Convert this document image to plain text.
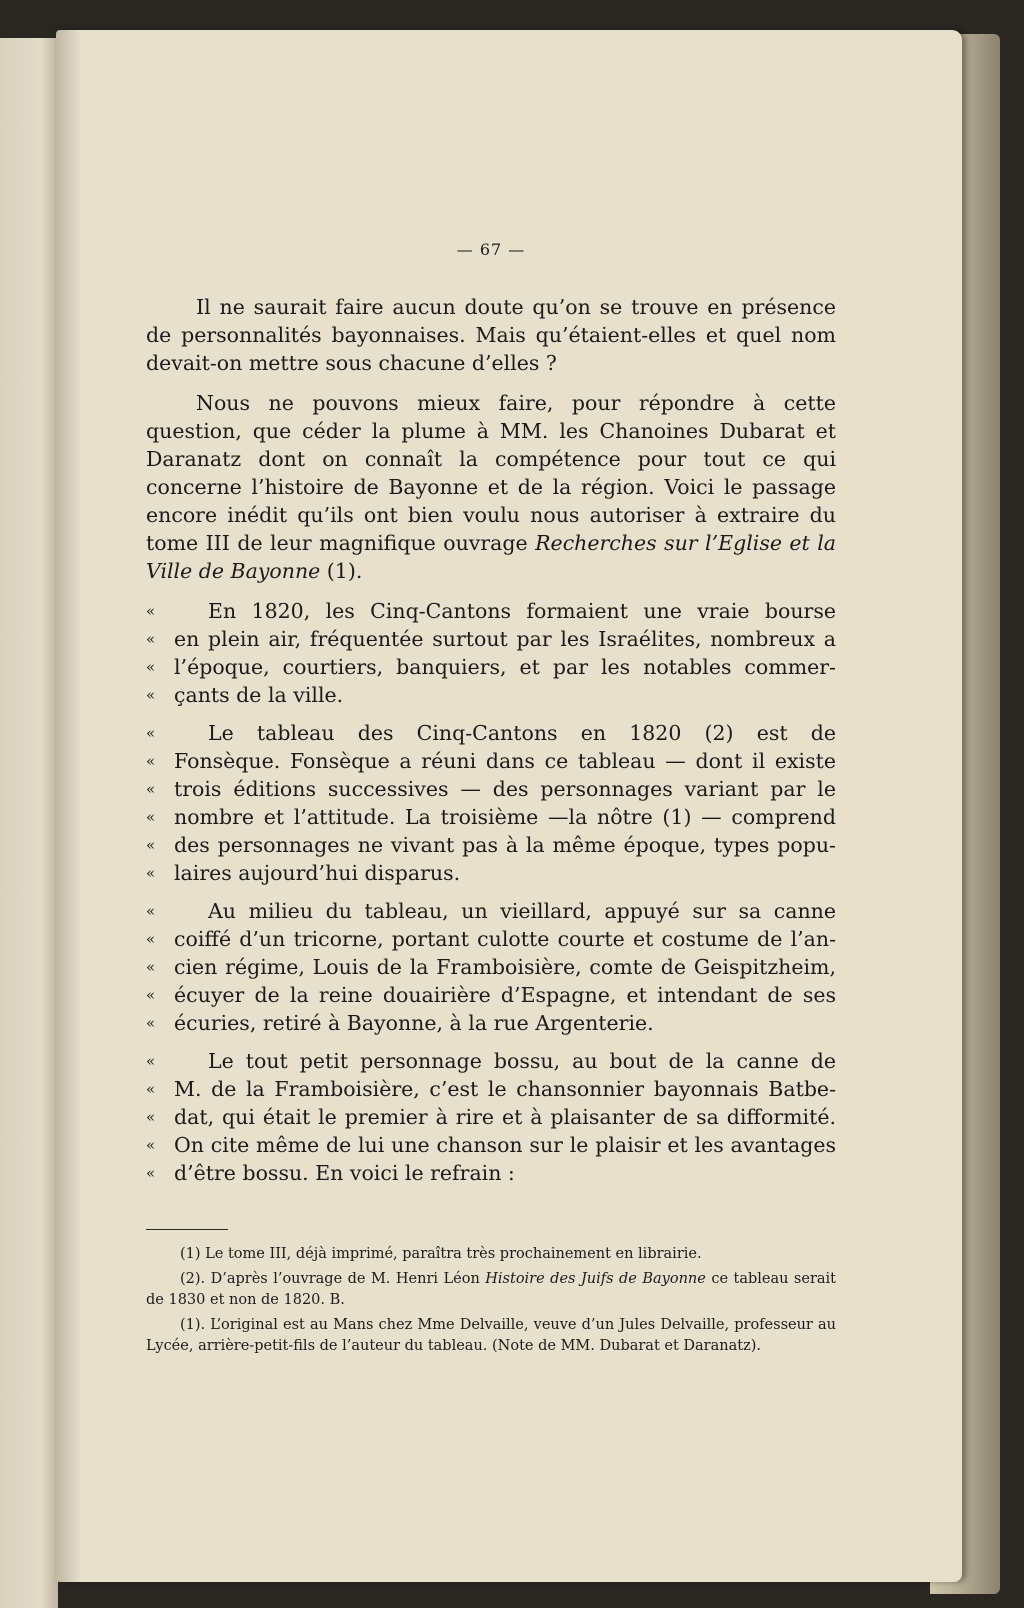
— 67 —

Il ne saurait faire aucun doute qu’on se trouve en présence de personnalités bayonnaises. Mais qu’étaient-elles et quel nom devait-on mettre sous chacune d’elles ?

Nous ne pouvons mieux faire, pour répondre à cette question, que céder la plume à MM. les Chanoines Dubarat et Daranatz dont on connaît la compétence pour tout ce qui concerne l’histoire de Bayonne et de la région. Voici le passage encore inédit qu’ils ont bien voulu nous autoriser à extraire du tome III de leur magnifique ouvrage Recherches sur l’Eglise et la Ville de Bayonne (1).

«	En 1820, les Cinq-Cantons formaient une vraie bourse
« en plein air, fréquentée surtout par les Israélites, nombreux a
« l’époque, courtiers, banquiers, et par les notables commer-
« çants de la ville.
«	Le tableau des Cinq-Cantons en 1820 (2) est de
« Fonsèque. Fonsèque a réuni dans ce tableau — dont il existe
« trois éditions successives — des personnages variant par le
« nombre et l’attitude. La troisième —la nôtre (1) — comprend
« des personnages ne vivant pas à la même époque, types popu-
« laires aujourd’hui disparus.
«	Au milieu du tableau, un vieillard, appuyé sur sa canne
« coiffé d’un tricorne, portant culotte courte et costume de l’an-
« cien régime, Louis de la Framboisière, comte de Geispitzheim,
« écuyer de la reine douairière d’Espagne, et intendant de ses
« écuries, retiré à Bayonne, à la rue Argenterie.
«	Le tout petit personnage bossu, au bout de la canne de
« M. de la Framboisière, c’est le chansonnier bayonnais Batbe-
« dat, qui était le premier à rire et à plaisanter de sa difformité.
« On cite même de lui une chanson sur le plaisir et les avantages
« d’être bossu. En voici le refrain :

(1) Le tome III, déjà imprimé, paraîtra très prochainement en librairie.

(2). D’après l’ouvrage de M. Henri Léon Histoire des Juifs de Bayonne ce tableau serait de 1830 et non de 1820. B.

(1). L’original est au Mans chez Mme Delvaille, veuve d’un Jules Delvaille, professeur au Lycée, arrière-petit-fils de l’auteur du tableau. (Note de MM. Dubarat et Daranatz).
